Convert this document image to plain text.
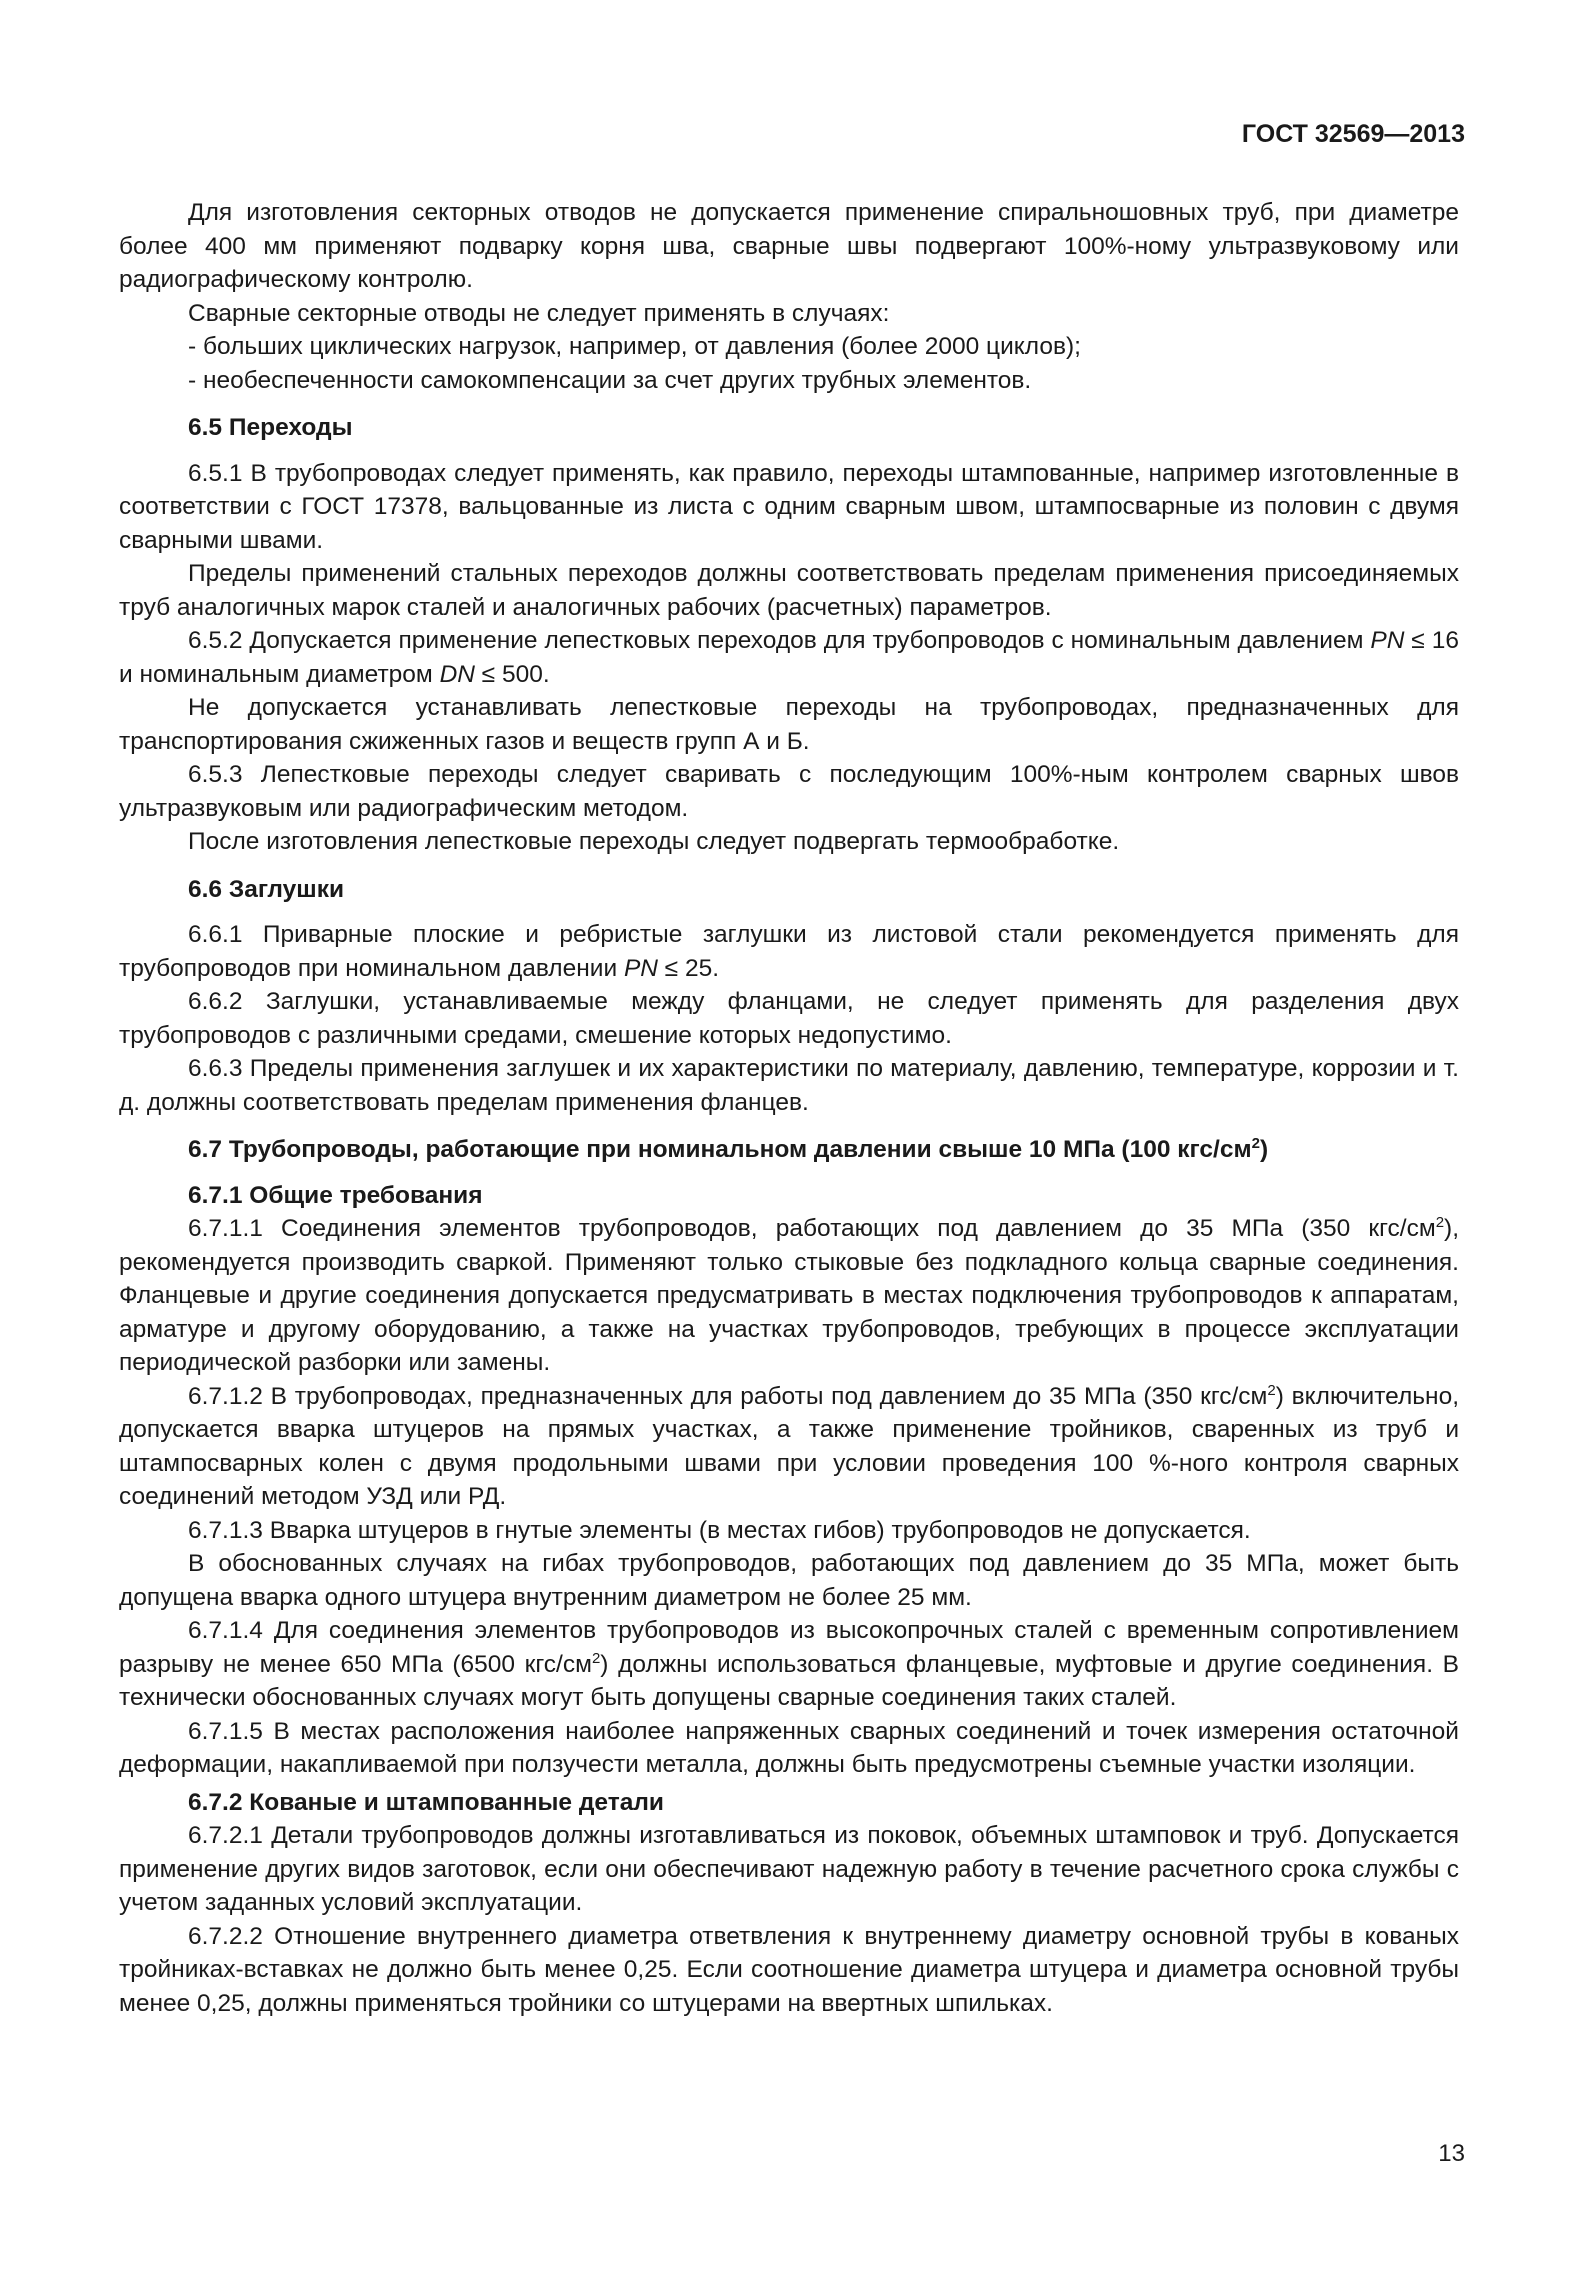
ГОСТ 32569—2013

Для изготовления секторных отводов не допускается применение спиральношовных труб, при диаметре более 400 мм применяют подварку корня шва, сварные швы подвергают 100%-ному ультразвуковому или радиографическому контролю.

Сварные секторные отводы не следует применять в случаях:

- больших циклических нагрузок, например, от давления (более 2000 циклов);

- необеспеченности самокомпенсации за счет других трубных элементов.

6.5 Переходы

6.5.1 В трубопроводах следует применять, как правило, переходы штампованные, например изготовленные в соответствии с ГОСТ 17378, вальцованные из листа с одним сварным швом, штампосварные из половин с двумя сварными швами.

Пределы применений стальных переходов должны соответствовать пределам применения присоединяемых труб аналогичных марок сталей и аналогичных рабочих (расчетных) параметров.

6.5.2 Допускается применение лепестковых переходов для трубопроводов с номинальным давлением PN ≤ 16 и номинальным диаметром DN ≤ 500.

Не допускается устанавливать лепестковые переходы на трубопроводах, предназначенных для транспортирования сжиженных газов и веществ групп А и Б.

6.5.3 Лепестковые переходы следует сваривать с последующим 100%-ным контролем сварных швов ультразвуковым или радиографическим методом.

После изготовления лепестковые переходы следует подвергать термообработке.

6.6 Заглушки

6.6.1 Приварные плоские и ребристые заглушки из листовой стали рекомендуется применять для трубопроводов при номинальном давлении PN ≤ 25.

6.6.2 Заглушки, устанавливаемые между фланцами, не следует применять для разделения двух трубопроводов с различными средами, смешение которых недопустимо.

6.6.3 Пределы применения заглушек и их характеристики по материалу, давлению, температуре, коррозии и т. д. должны соответствовать пределам применения фланцев.

6.7 Трубопроводы, работающие при номинальном давлении свыше 10 МПа (100 кгс/$см^2$)

6.7.1 Общие требования

6.7.1.1 Соединения элементов трубопроводов, работающих под давлением до 35 МПа (350 кгс/$см^2$), рекомендуется производить сваркой. Применяют только стыковые без подкладного кольца сварные соединения. Фланцевые и другие соединения допускается предусматривать в местах подключения трубопроводов к аппаратам, арматуре и другому оборудованию, а также на участках трубопроводов, требующих в процессе эксплуатации периодической разборки или замены.

6.7.1.2 В трубопроводах, предназначенных для работы под давлением до 35 МПа (350 кгс/$см^2$) включительно, допускается вварка штуцеров на прямых участках, а также применение тройников, сваренных из труб и штампосварных колен с двумя продольными швами при условии проведения 100 %-ного контроля сварных соединений методом УЗД или РД.

6.7.1.3 Вварка штуцеров в гнутые элементы (в местах гибов) трубопроводов не допускается.

В обоснованных случаях на гибах трубопроводов, работающих под давлением до 35 МПа, может быть допущена вварка одного штуцера внутренним диаметром не более 25 мм.

6.7.1.4 Для соединения элементов трубопроводов из высокопрочных сталей с временным сопротивлением разрыву не менее 650 МПа (6500 кгс/$см^2$) должны использоваться фланцевые, муфтовые и другие соединения. В технически обоснованных случаях могут быть допущены сварные соединения таких сталей.

6.7.1.5 В местах расположения наиболее напряженных сварных соединений и точек измерения остаточной деформации, накапливаемой при ползучести металла, должны быть предусмотрены съемные участки изоляции.

6.7.2 Кованые и штампованные детали

6.7.2.1 Детали трубопроводов должны изготавливаться из поковок, объемных штамповок и труб. Допускается применение других видов заготовок, если они обеспечивают надежную работу в течение расчетного срока службы с учетом заданных условий эксплуатации.

6.7.2.2 Отношение внутреннего диаметра ответвления к внутреннему диаметру основной трубы в кованых тройниках-вставках не должно быть менее 0,25. Если соотношение диаметра штуцера и диаметра основной трубы менее 0,25, должны применяться тройники со штуцерами на ввертных шпильках.

13
